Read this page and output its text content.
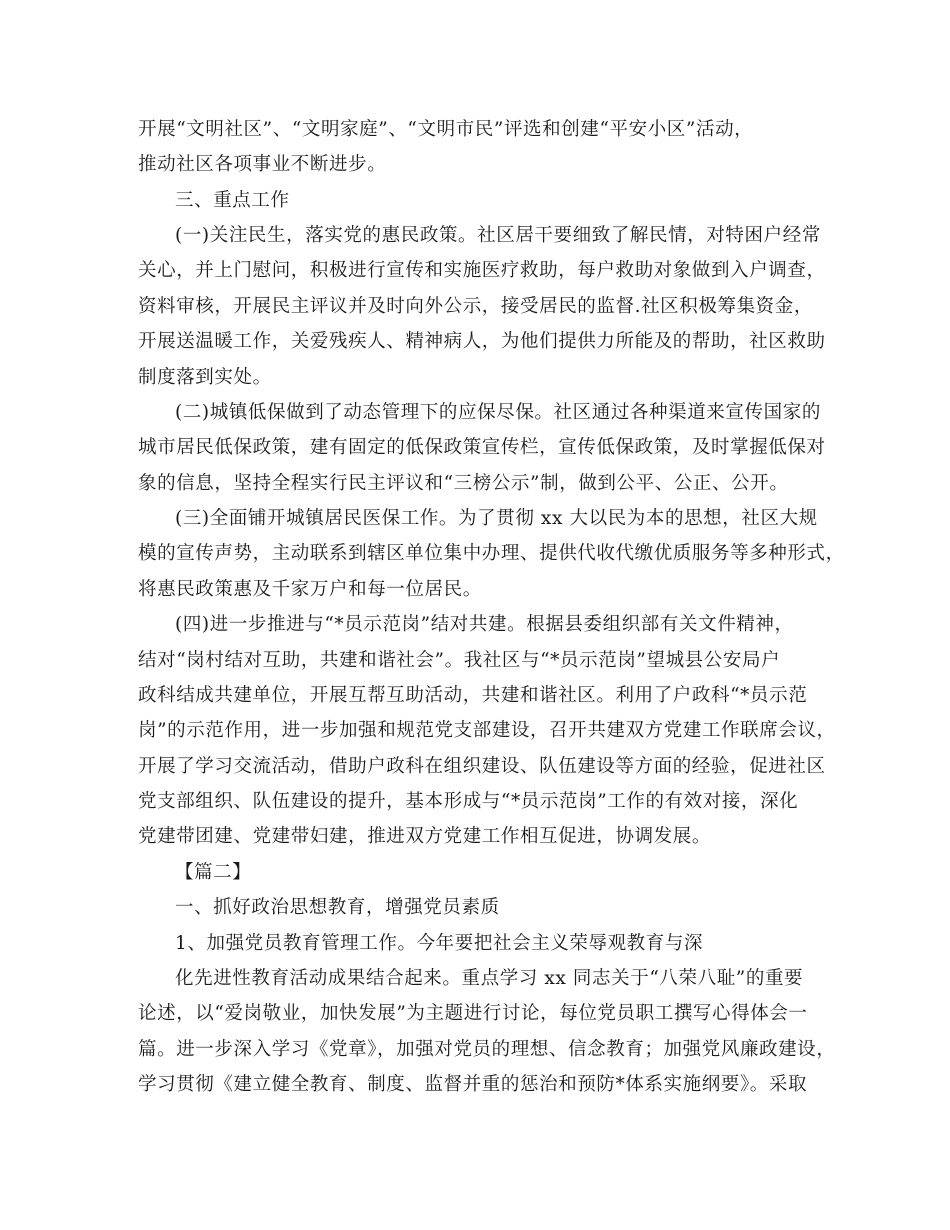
开展“文明社区”、“文明家庭”、“文明市民”评选和创建“平安小区”活动，
推动社区各项事业不断进步。
三、重点工作
(一)关注民生，落实党的惠民政策。社区居干要细致了解民情，对特困户经常
关心，并上门慰问，积极进行宣传和实施医疗救助，每户救助对象做到入户调查，
资料审核，开展民主评议并及时向外公示，接受居民的监督.社区积极筹集资金，
开展送温暖工作，关爱残疾人、精神病人，为他们提供力所能及的帮助，社区救助
制度落到实处。
(二)城镇低保做到了动态管理下的应保尽保。社区通过各种渠道来宣传国家的
城市居民低保政策，建有固定的低保政策宣传栏，宣传低保政策，及时掌握低保对
象的信息，坚持全程实行民主评议和“三榜公示”制，做到公平、公正、公开。
(三)全面铺开城镇居民医保工作。为了贯彻 xx 大以民为本的思想，社区大规
模的宣传声势，主动联系到辖区单位集中办理、提供代收代缴优质服务等多种形式，
将惠民政策惠及千家万户和每一位居民。
(四)进一步推进与“*员示范岗”结对共建。根据县委组织部有关文件精神，
结对“岗村结对互助，共建和谐社会”。我社区与“*员示范岗”望城县公安局户
政科结成共建单位，开展互帮互助活动，共建和谐社区。利用了户政科“*员示范
岗”的示范作用，进一步加强和规范党支部建设，召开共建双方党建工作联席会议，
开展了学习交流活动，借助户政科在组织建设、队伍建设等方面的经验，促进社区
党支部组织、队伍建设的提升，基本形成与“*员示范岗”工作的有效对接，深化
党建带团建、党建带妇建，推进双方党建工作相互促进，协调发展。
【篇二】
一、抓好政治思想教育，增强党员素质
1、加强党员教育管理工作。今年要把社会主义荣辱观教育与深
化先进性教育活动成果结合起来。重点学习 xx 同志关于“八荣八耻”的重要
论述，以“爱岗敬业，加快发展”为主题进行讨论，每位党员职工撰写心得体会一
篇。进一步深入学习《党章》，加强对党员的理想、信念教育；加强党风廉政建设，
学习贯彻《建立健全教育、制度、监督并重的惩治和预防*体系实施纲要》。采取
